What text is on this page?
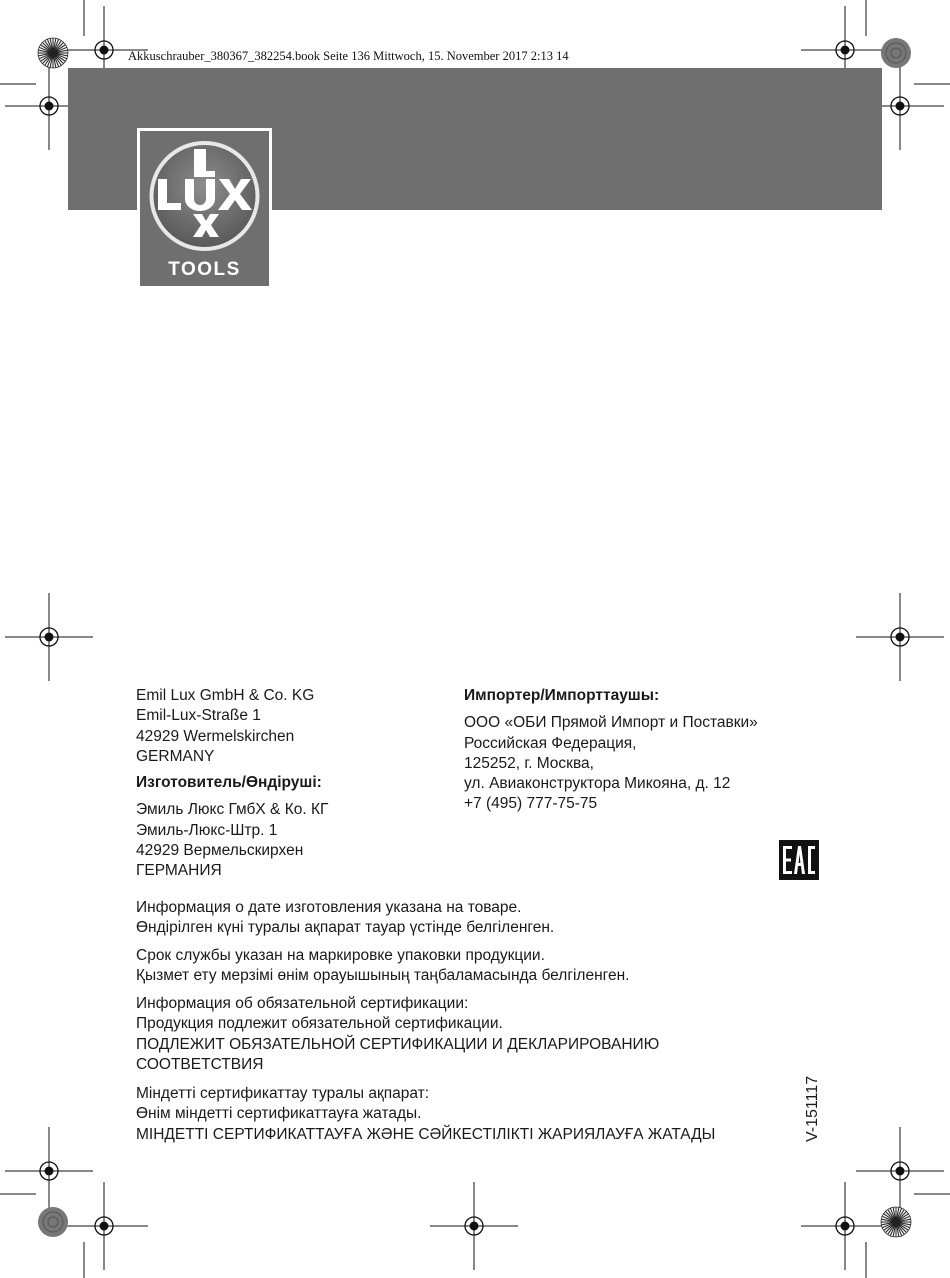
Akkuschrauber_380367_382254.book Seite 136 Mittwoch, 15. November 2017 2:13 14
TOOLS
Emil Lux GmbH & Co. KG
Emil-Lux-Straße 1
42929 Wermelskirchen
GERMANY
Изготовитель/Өндіруші:
Эмиль Люкс ГмбХ & Ко. КГ
Эмиль-Люкс-Штр. 1
42929 Вермельскирхен
ГЕРМАНИЯ
Импортер/Импорттаушы:
ООО «ОБИ Прямой Импорт и Поставки»
Российская Федерация,
125252, г. Москва,
ул. Авиаконструктора Микояна, д. 12
+7 (495) 777-75-75
Информация о дате изготовления указана на товаре.
Өндірілген күні туралы ақпарат тауар үстінде белгіленген.
Срок службы указан на маркировке упаковки продукции.
Қызмет ету мерзімі өнім орауышының таңбаламасында белгіленген.
Информация об обязательной сертификации:
Продукция подлежит обязательной сертификации.
ПОДЛЕЖИТ ОБЯЗАТЕЛЬНОЙ СЕРТИФИКАЦИИ И ДЕКЛАРИРОВАНИЮ
СООТВЕТСТВИЯ
Міндетті сертификаттау туралы ақпарат:
Өнім міндетті сертификаттауға жатады.
МІНДЕТТІ СЕРТИФИКАТТАУҒА ЖӘНЕ СӘЙКЕСТІЛІКТІ ЖАРИЯЛАУҒА ЖАТАДЫ	V-151117
